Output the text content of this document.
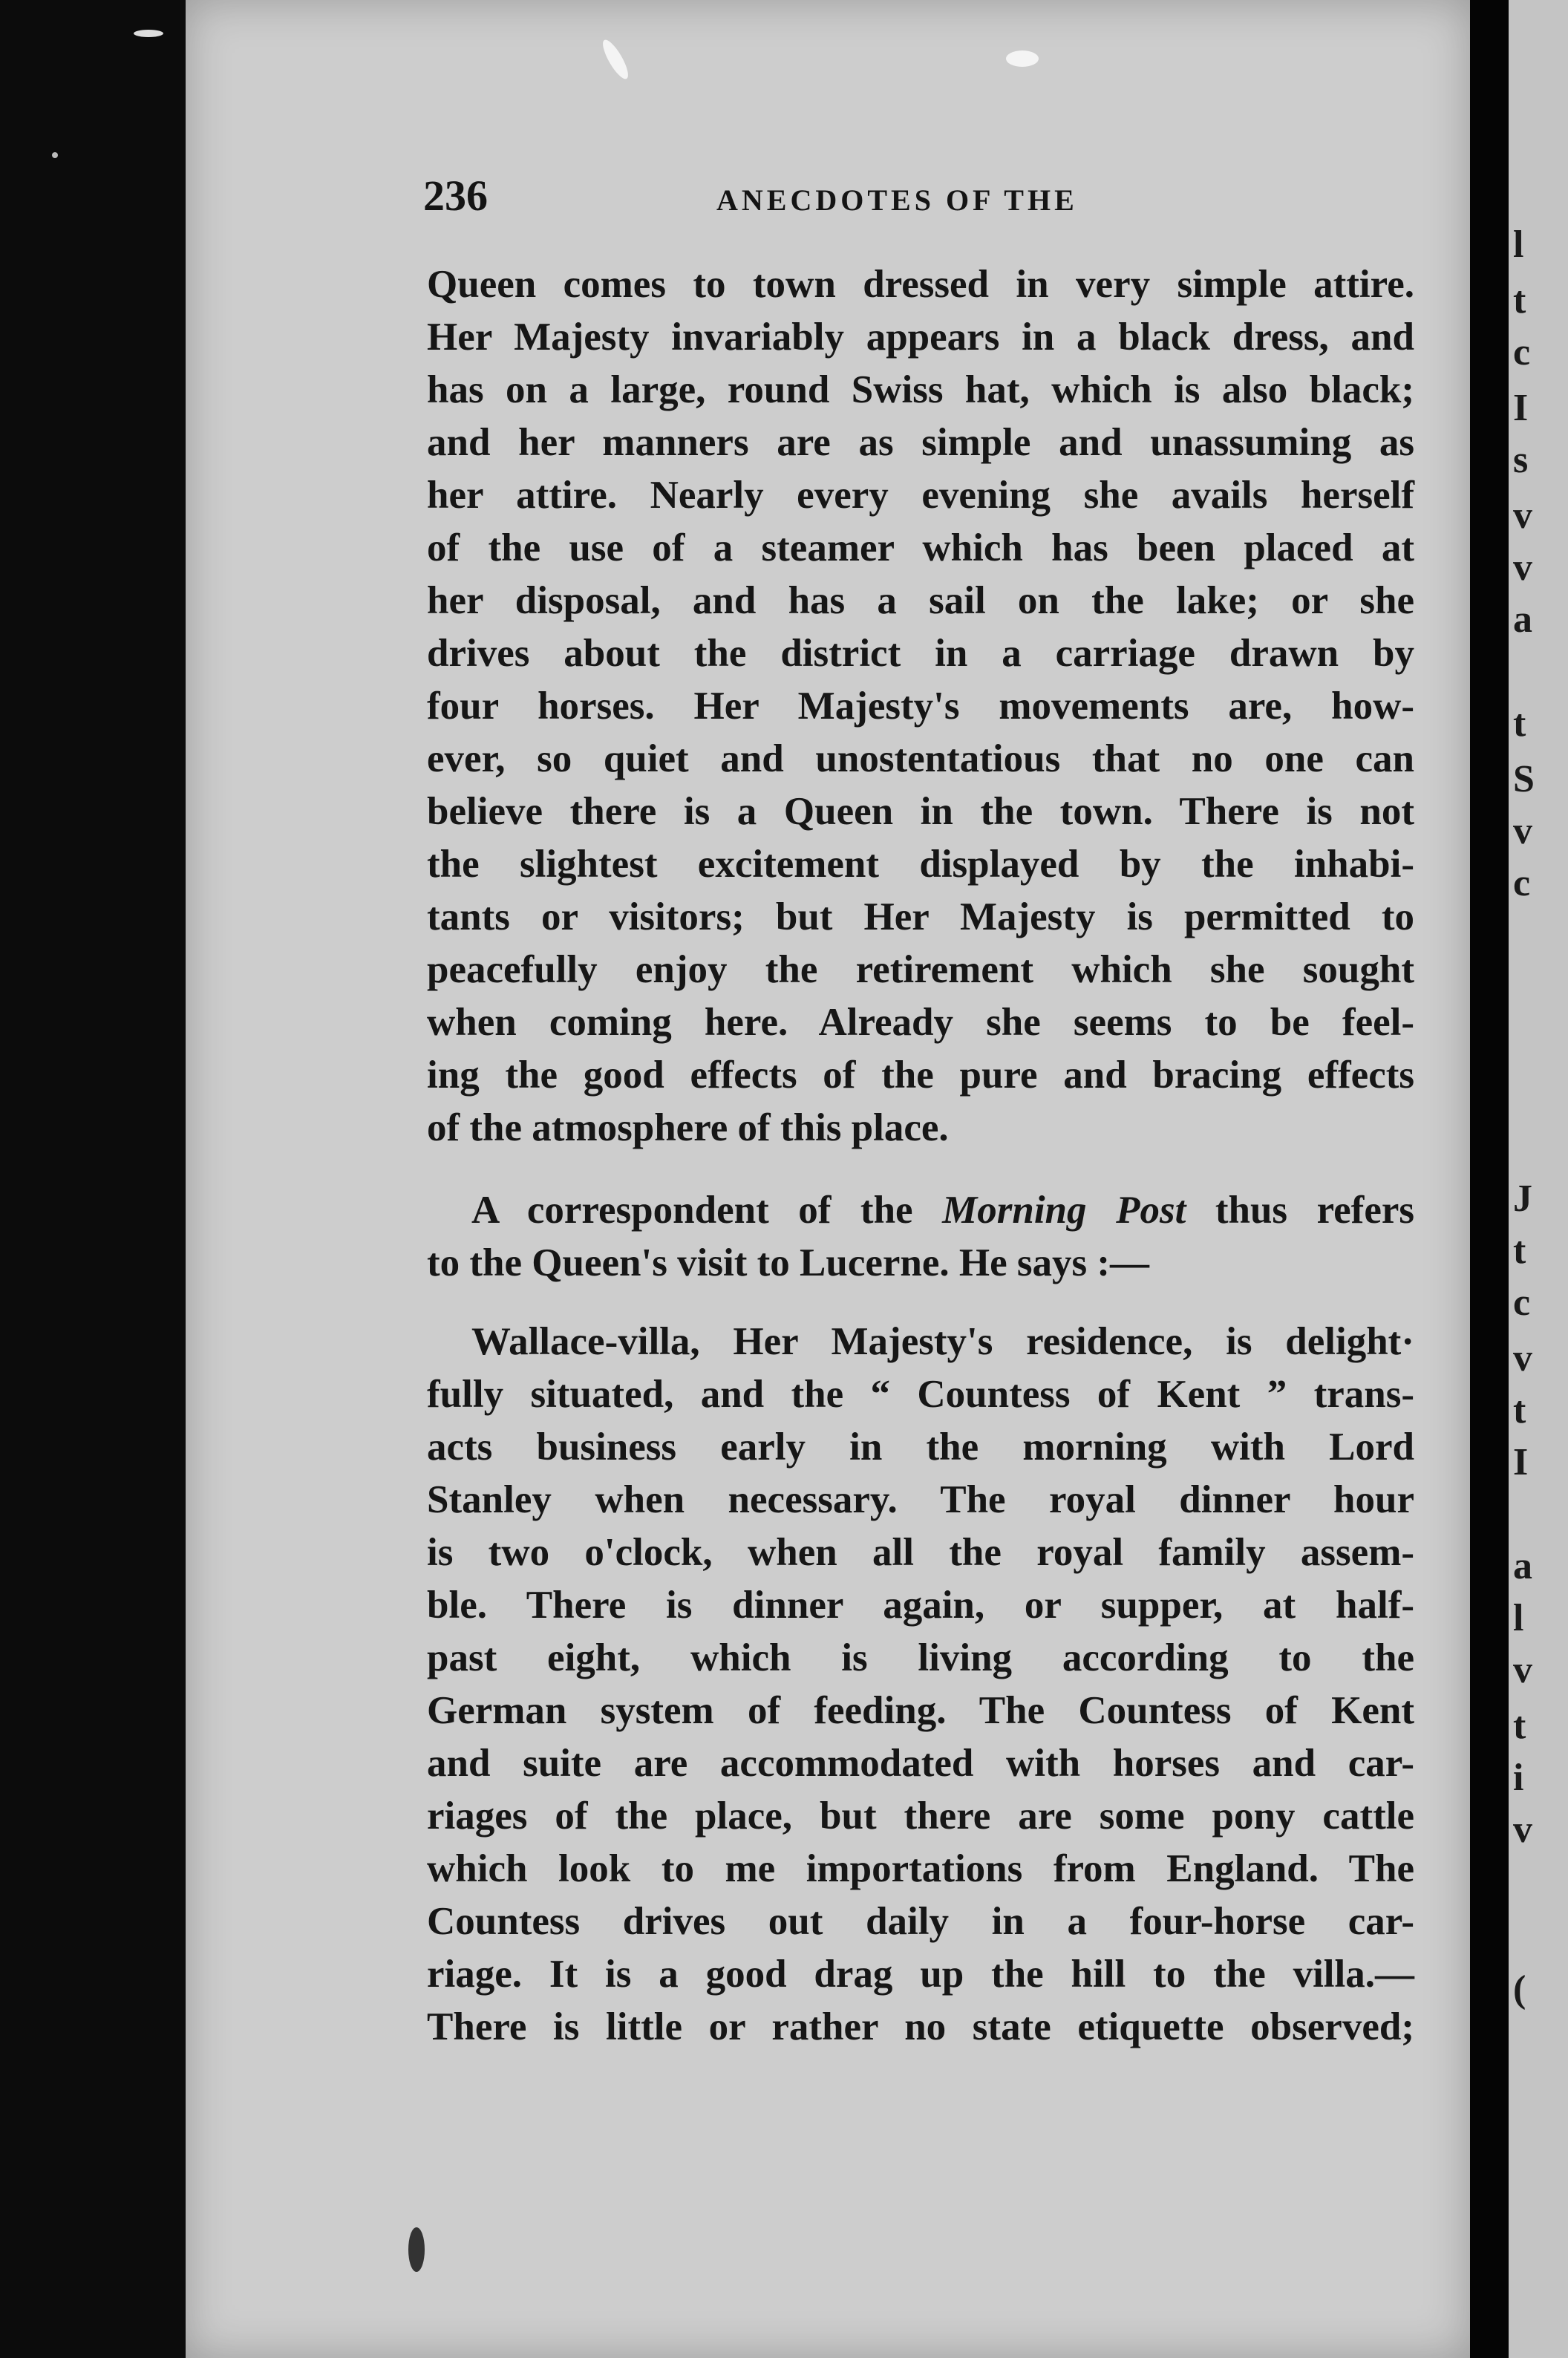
l
t
c
I
s
v
v
a
t
S
v
c
J
t
c
v
t
I
a
l
v
t
i
v
(
236	ANECDOTES OF THE
Queen comes to town dressed in very simple attire.
Her Majesty invariably appears in a black dress, and
has on a large, round Swiss hat, which is also black;
and her manners are as simple and unassuming as
her attire. Nearly every evening she avails herself
of the use of a steamer which has been placed at
her disposal, and has a sail on the lake; or she
drives about the district in a carriage drawn by
four horses. Her Majesty's movements are, how-
ever, so quiet and unostentatious that no one can
believe there is a Queen in the town. There is not
the slightest excitement displayed by the inhabi-
tants or visitors; but Her Majesty is permitted to
peacefully enjoy the retirement which she sought
when coming here. Already she seems to be feel-
ing the good effects of the pure and bracing effects
of the atmosphere of this place.
A correspondent of the Morning Post thus refers
to the Queen's visit to Lucerne. He says :—
Wallace-villa, Her Majesty's residence, is delight·
fully situated, and the “ Countess of Kent ” trans-
acts business early in the morning with Lord
Stanley when necessary. The royal dinner hour
is two o'clock, when all the royal family assem-
ble. There is dinner again, or supper, at half-
past eight, which is living according to the
German system of feeding. The Countess of Kent
and suite are accommodated with horses and car-
riages of the place, but there are some pony cattle
which look to me importations from England. The
Countess drives out daily in a four-horse car-
riage. It is a good drag up the hill to the villa.—
There is little or rather no state etiquette observed;
